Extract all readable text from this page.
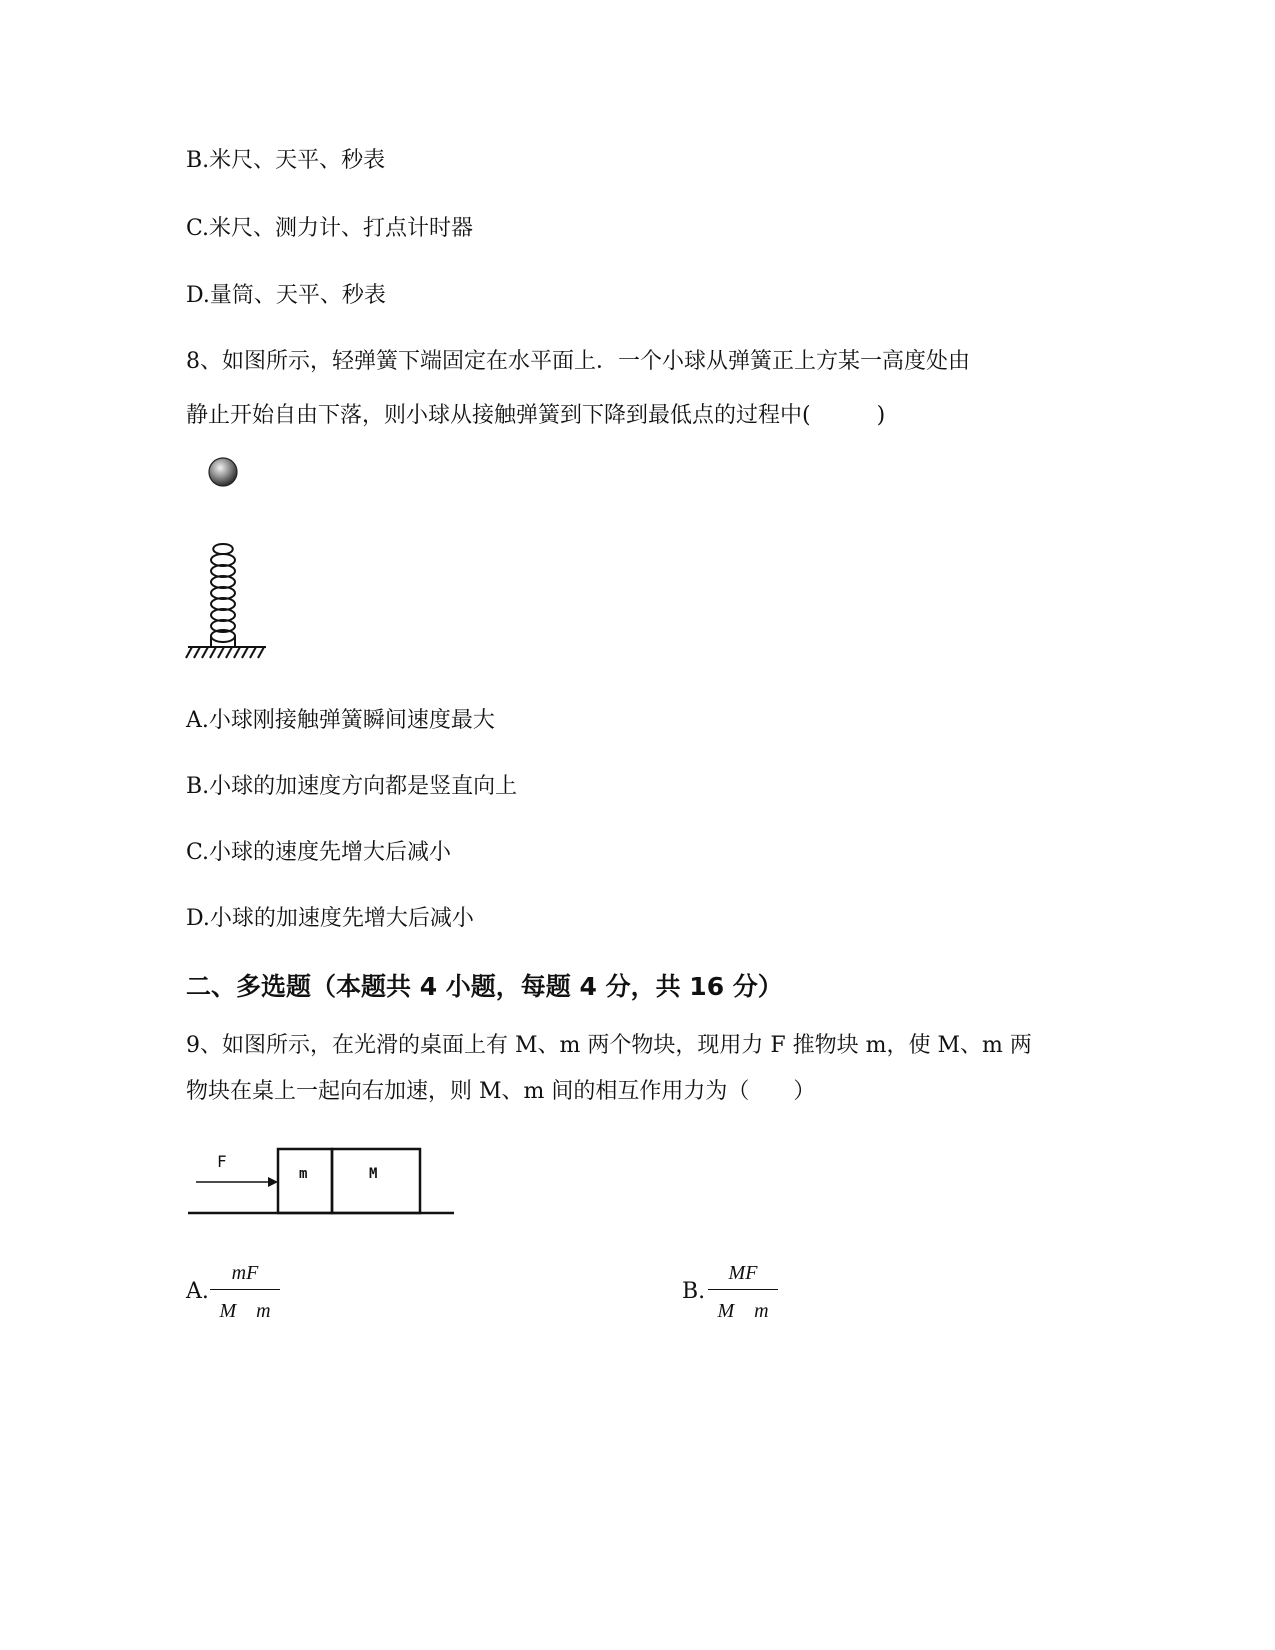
B.米尺、天平、秒表
C.米尺、测力计、打点计时器
D.量筒、天平、秒表
8、如图所示，轻弹簧下端固定在水平面上．一个小球从弹簧正上方某一高度处由
静止开始自由下落，则小球从接触弹簧到下降到最低点的过程中(　　　)
A.小球刚接触弹簧瞬间速度最大
B.小球的加速度方向都是竖直向上
C.小球的速度先增大后减小
D.小球的加速度先增大后减小
二、多选题（本题共 4 小题，每题 4 分，共 16 分）
9、如图所示，在光滑的桌面上有 M、m 两个物块，现用力 F 推物块 m，使 M、m 两
物块在桌上一起向右加速，则 M、m 间的相互作用力为（　　）
F
m	M
A.
mF
M　m
B.
MF
M　m
